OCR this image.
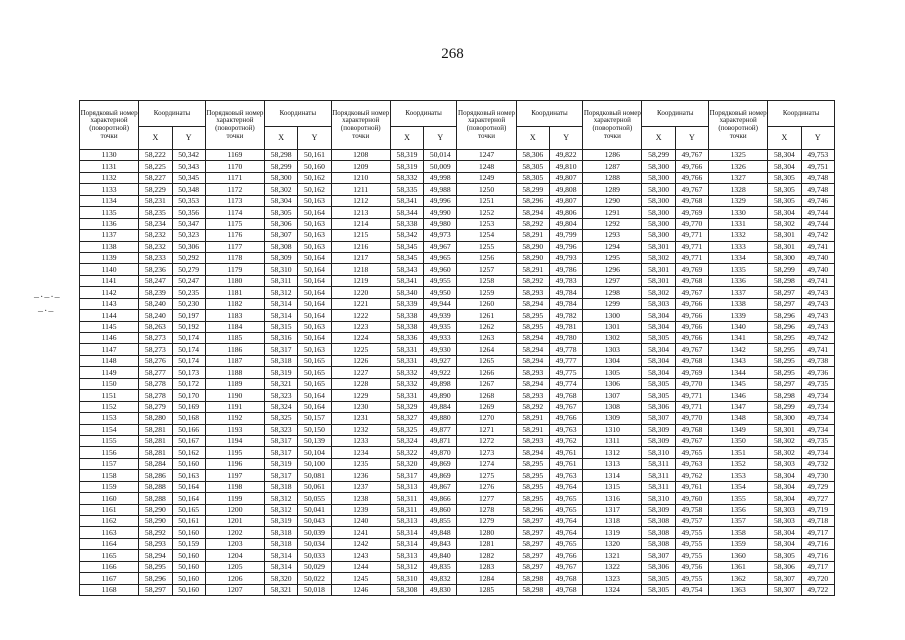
268
–·–·–
–·–
Порядковый номер характерной (поворотной) точки	Координаты		Порядковый номер характерной (поворотной) точки	Координаты		Порядковый номер характерной (поворотной) точки	Координаты		Порядковый номер характерной (поворотной) точки	Координаты		Порядковый номер характерной (поворотной) точки	Координаты		Порядковый номер характерной (поворотной) точки	Координаты	
	X	Y		X	Y		X	Y		X	Y		X	Y		X	Y
1130	58,222	50,342	1169	58,298	50,161	1208	58,319	50,014	1247	58,306	49,822	1286	58,299	49,767	1325	58,304	49,753
1131	58,225	50,343	1170	58,299	50,160	1209	58,319	50,009	1248	58,305	49,810	1287	58,300	49,766	1326	58,304	49,751
1132	58,227	50,345	1171	58,300	50,162	1210	58,332	49,998	1249	58,305	49,807	1288	58,300	49,766	1327	58,305	49,748
1133	58,229	50,348	1172	58,302	50,162	1211	58,335	49,988	1250	58,299	49,808	1289	58,300	49,767	1328	58,305	49,748
1134	58,231	50,353	1173	58,304	50,163	1212	58,341	49,996	1251	58,296	49,807	1290	58,300	49,768	1329	58,305	49,746
1135	58,235	50,356	1174	58,305	50,164	1213	58,344	49,990	1252	58,294	49,806	1291	58,300	49,769	1330	58,304	49,744
1136	58,234	50,347	1175	58,306	50,163	1214	58,338	49,980	1253	58,292	49,804	1292	58,300	49,770	1331	58,302	49,744
1137	58,232	50,323	1176	58,307	50,163	1215	58,342	49,973	1254	58,291	49,799	1293	58,300	49,771	1332	58,301	49,742
1138	58,232	50,306	1177	58,308	50,163	1216	58,345	49,967	1255	58,290	49,796	1294	58,301	49,771	1333	58,301	49,741
1139	58,233	50,292	1178	58,309	50,164	1217	58,345	49,965	1256	58,290	49,793	1295	58,302	49,771	1334	58,300	49,740
1140	58,236	50,279	1179	58,310	50,164	1218	58,343	49,960	1257	58,291	49,786	1296	58,301	49,769	1335	58,299	49,740
1141	58,247	50,247	1180	58,311	50,164	1219	58,341	49,955	1258	58,292	49,783	1297	58,301	49,768	1336	58,298	49,741
1142	58,239	50,235	1181	58,312	50,164	1220	58,340	49,950	1259	58,293	49,784	1298	58,302	49,767	1337	58,297	49,743
1143	58,240	50,230	1182	58,314	50,164	1221	58,339	49,944	1260	58,294	49,784	1299	58,303	49,766	1338	58,297	49,743
1144	58,240	50,197	1183	58,314	50,164	1222	58,338	49,939	1261	58,295	49,782	1300	58,304	49,766	1339	58,296	49,743
1145	58,263	50,192	1184	58,315	50,163	1223	58,338	49,935	1262	58,295	49,781	1301	58,304	49,766	1340	58,296	49,743
1146	58,273	50,174	1185	58,316	50,164	1224	58,336	49,933	1263	58,294	49,780	1302	58,305	49,766	1341	58,295	49,742
1147	58,273	50,174	1186	58,317	50,163	1225	58,331	49,930	1264	58,294	49,778	1303	58,304	49,767	1342	58,295	49,741
1148	58,276	50,174	1187	58,318	50,165	1226	58,331	49,927	1265	58,294	49,777	1304	58,304	49,768	1343	58,295	49,738
1149	58,277	50,173	1188	58,319	50,165	1227	58,332	49,922	1266	58,293	49,775	1305	58,304	49,769	1344	58,295	49,736
1150	58,278	50,172	1189	58,321	50,165	1228	58,332	49,898	1267	58,294	49,774	1306	58,305	49,770	1345	58,297	49,735
1151	58,278	50,170	1190	58,323	50,164	1229	58,331	49,890	1268	58,293	49,768	1307	58,305	49,771	1346	58,298	49,734
1152	58,279	50,169	1191	58,324	50,164	1230	58,329	49,884	1269	58,292	49,767	1308	58,306	49,771	1347	58,299	49,734
1153	58,280	50,168	1192	58,325	50,157	1231	58,327	49,880	1270	58,291	49,766	1309	58,307	49,770	1348	58,300	49,734
1154	58,281	50,166	1193	58,323	50,150	1232	58,325	49,877	1271	58,291	49,763	1310	58,309	49,768	1349	58,301	49,734
1155	58,281	50,167	1194	58,317	50,139	1233	58,324	49,871	1272	58,293	49,762	1311	58,309	49,767	1350	58,302	49,735
1156	58,281	50,162	1195	58,317	50,104	1234	58,322	49,870	1273	58,294	49,761	1312	58,310	49,765	1351	58,302	49,734
1157	58,284	50,160	1196	58,319	50,100	1235	58,320	49,869	1274	58,295	49,761	1313	58,311	49,763	1352	58,303	49,732
1158	58,286	50,163	1197	58,317	50,081	1236	58,317	49,869	1275	58,295	49,763	1314	58,311	49,762	1353	58,304	49,730
1159	58,288	50,164	1198	58,318	50,061	1237	58,313	49,867	1276	58,295	49,764	1315	58,311	49,761	1354	58,304	49,729
1160	58,288	50,164	1199	58,312	50,055	1238	58,311	49,866	1277	58,295	49,765	1316	58,310	49,760	1355	58,304	49,727
1161	58,290	50,165	1200	58,312	50,041	1239	58,311	49,860	1278	58,296	49,765	1317	58,309	49,758	1356	58,303	49,719
1162	58,290	50,161	1201	58,319	50,043	1240	58,313	49,855	1279	58,297	49,764	1318	58,308	49,757	1357	58,303	49,718
1163	58,292	50,160	1202	58,318	50,039	1241	58,314	49,848	1280	58,297	49,764	1319	58,308	49,755	1358	58,304	49,717
1164	58,293	50,159	1203	58,318	50,034	1242	58,314	49,843	1281	58,297	49,765	1320	58,308	49,755	1359	58,304	49,716
1165	58,294	50,160	1204	58,314	50,033	1243	58,313	49,840	1282	58,297	49,766	1321	58,307	49,755	1360	58,305	49,716
1166	58,295	50,160	1205	58,314	50,029	1244	58,312	49,835	1283	58,297	49,767	1322	58,306	49,756	1361	58,306	49,717
1167	58,296	50,160	1206	58,320	50,022	1245	58,310	49,832	1284	58,298	49,768	1323	58,305	49,755	1362	58,307	49,720
1168	58,297	50,160	1207	58,321	50,018	1246	58,308	49,830	1285	58,298	49,768	1324	58,305	49,754	1363	58,307	49,722
